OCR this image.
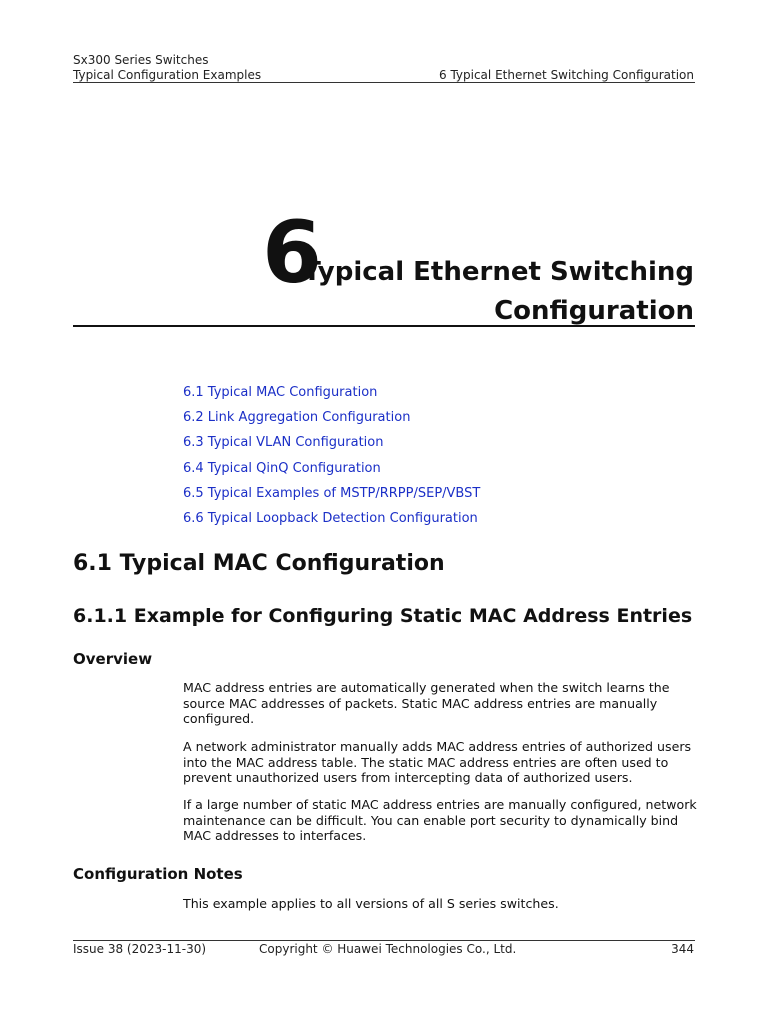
Sx300 Series Switches
Typical Configuration Examples	6 Typical Ethernet Switching Configuration
6
Typical Ethernet Switching
Configuration
6.1 Typical MAC Configuration
6.2 Link Aggregation Configuration
6.3 Typical VLAN Configuration
6.4 Typical QinQ Configuration
6.5 Typical Examples of MSTP/RRPP/SEP/VBST
6.6 Typical Loopback Detection Configuration
6.1 Typical MAC Configuration
6.1.1 Example for Configuring Static MAC Address Entries
Overview

MAC address entries are automatically generated when the switch learns the source MAC addresses of packets. Static MAC address entries are manually configured.

A network administrator manually adds MAC address entries of authorized users into the MAC address table. The static MAC address entries are often used to prevent unauthorized users from intercepting data of authorized users.

If a large number of static MAC address entries are manually configured, network maintenance can be difficult. You can enable port security to dynamically bind MAC addresses to interfaces.

Configuration Notes

This example applies to all versions of all S series switches.

Issue 38 (2023-11-30)	Copyright © Huawei Technologies Co., Ltd.	344
